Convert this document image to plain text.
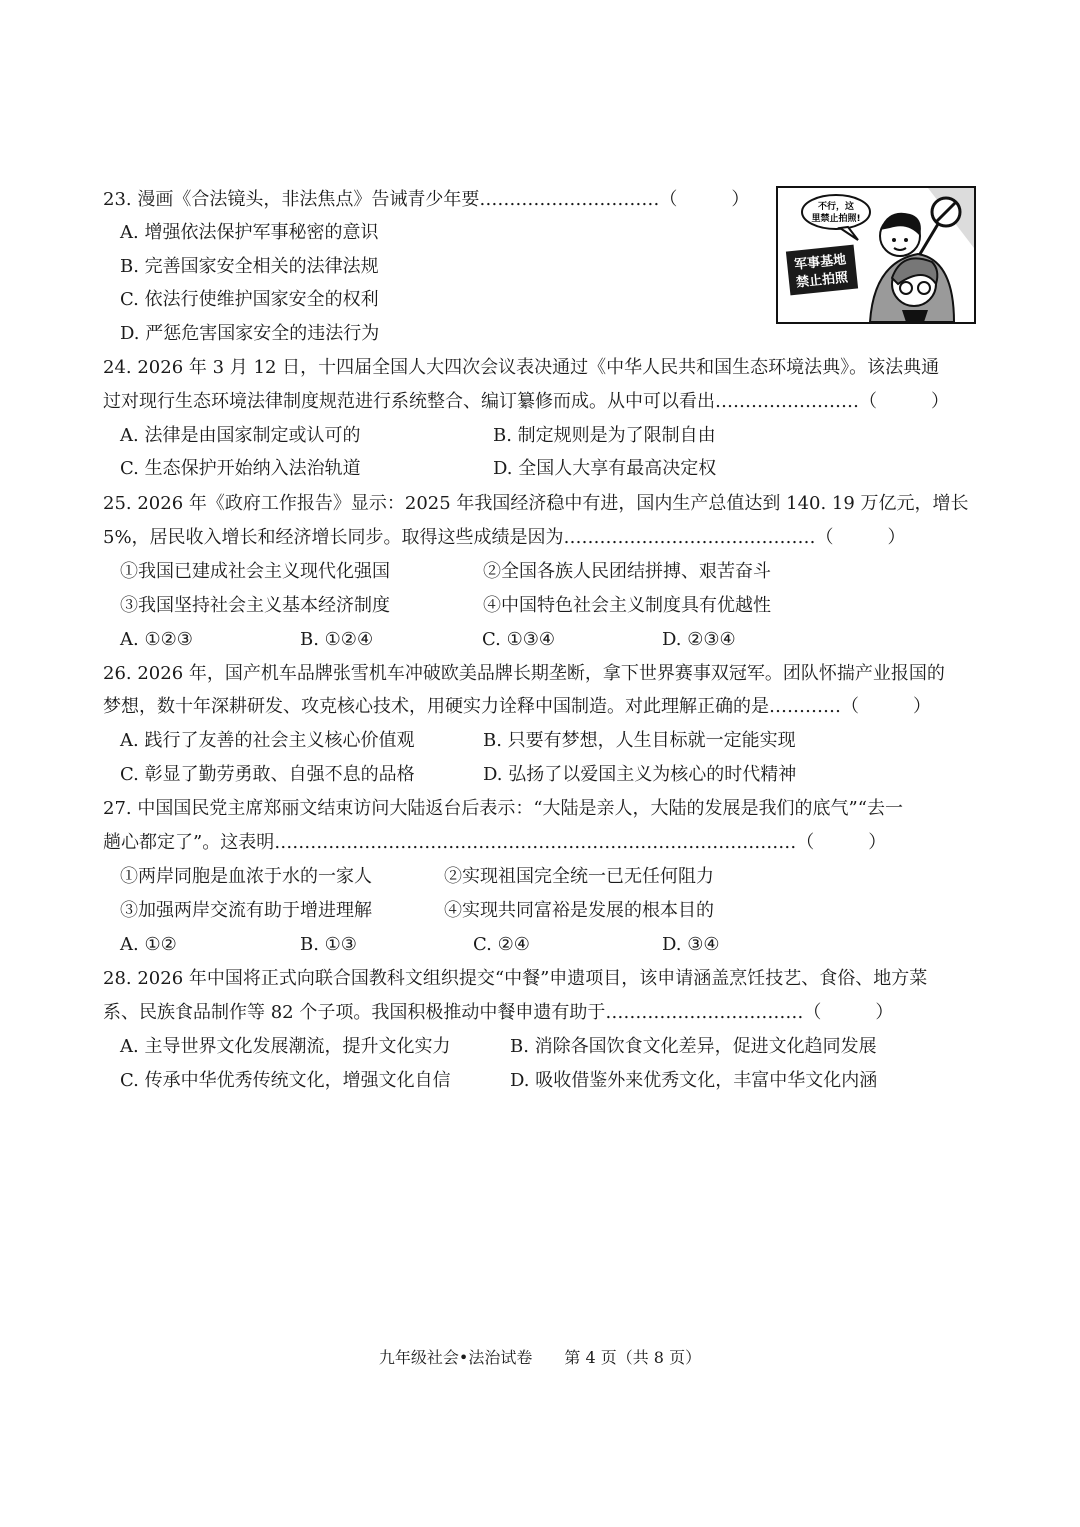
23. 漫画《合法镜头，非法焦点》告诫青少年要…………………………（　　　）
A. 增强依法保护军事秘密的意识
B. 完善国家安全相关的法律法规
C. 依法行使维护国家安全的权利
D. 严惩危害国家安全的违法行为
不行，这
里禁止拍照!
军事基地
禁止拍照
24. 2026 年 3 月 12 日，十四届全国人大四次会议表决通过《中华人民共和国生态环境法典》。该法典通
过对现行生态环境法律制度规范进行系统整合、编订纂修而成。从中可以看出……………………（　　　）
A. 法律是由国家制定或认可的	B. 制定规则是为了限制自由
C. 生态保护开始纳入法治轨道	D. 全国人大享有最高决定权
25. 2026 年《政府工作报告》显示：2025 年我国经济稳中有进，国内生产总值达到 140. 19 万亿元，增长
5%，居民收入增长和经济增长同步。取得这些成绩是因为……………………………………（　　　）
①我国已建成社会主义现代化强国	②全国各族人民团结拼搏、艰苦奋斗
③我国坚持社会主义基本经济制度	④中国特色社会主义制度具有优越性
A. ①②③	B. ①②④	C. ①③④	D. ②③④
26. 2026 年，国产机车品牌张雪机车冲破欧美品牌长期垄断，拿下世界赛事双冠军。团队怀揣产业报国的
梦想，数十年深耕研发、攻克核心技术，用硬实力诠释中国制造。对此理解正确的是…………（　　　）
A. 践行了友善的社会主义核心价值观	B. 只要有梦想，人生目标就一定能实现
C. 彰显了勤劳勇敢、自强不息的品格	D. 弘扬了以爱国主义为核心的时代精神
27. 中国国民党主席郑丽文结束访问大陆返台后表示：“大陆是亲人，大陆的发展是我们的底气”“去一
趟心都定了”。这表明……………………………………………………………………………（　　　）
①两岸同胞是血浓于水的一家人	②实现祖国完全统一已无任何阻力
③加强两岸交流有助于增进理解	④实现共同富裕是发展的根本目的
A. ①②	B. ①③	C. ②④	D. ③④
28. 2026 年中国将正式向联合国教科文组织提交“中餐”申遗项目，该申请涵盖烹饪技艺、食俗、地方菜
系、民族食品制作等 82 个子项。我国积极推动中餐申遗有助于……………………………（　　　）
A. 主导世界文化发展潮流，提升文化实力	B. 消除各国饮食文化差异，促进文化趋同发展
C. 传承中华优秀传统文化，增强文化自信	D. 吸收借鉴外来优秀文化，丰富中华文化内涵
九年级社会•法治试卷　　第 4 页（共 8 页）
